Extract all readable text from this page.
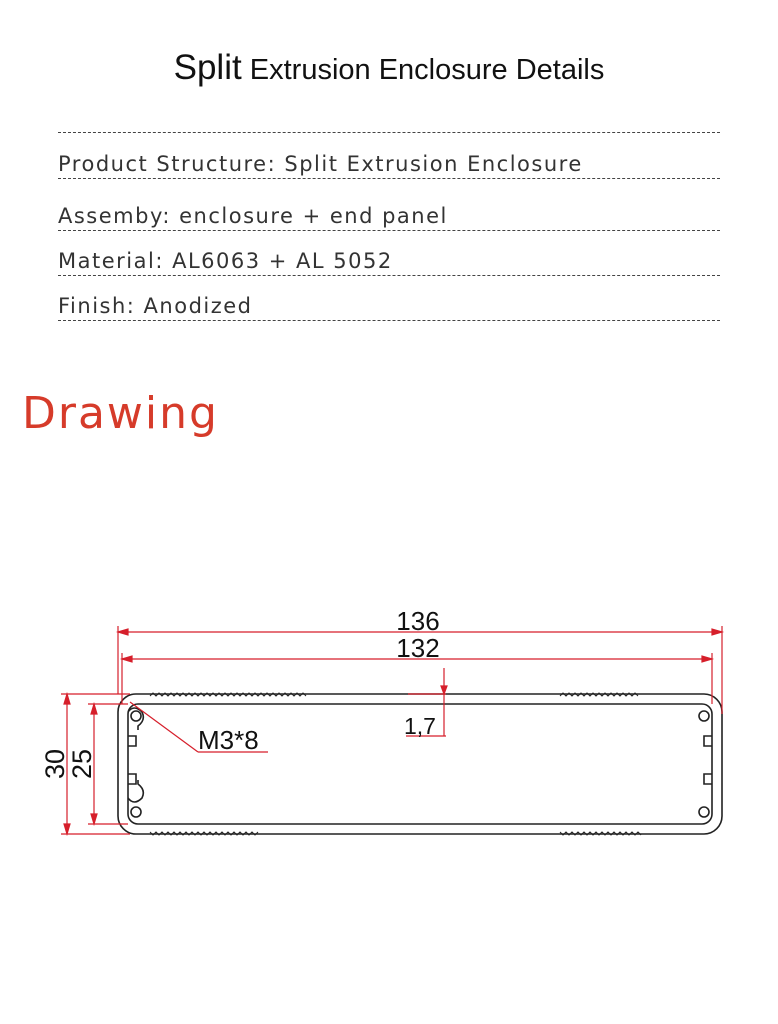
Split Extrusion Enclosure Details
Product Structure: Split Extrusion Enclosure
Assemby: enclosure + end panel
Material: AL6063 + AL 5052
Finish: Anodized
Drawing
136
132
1,7
M3*8
30
25
